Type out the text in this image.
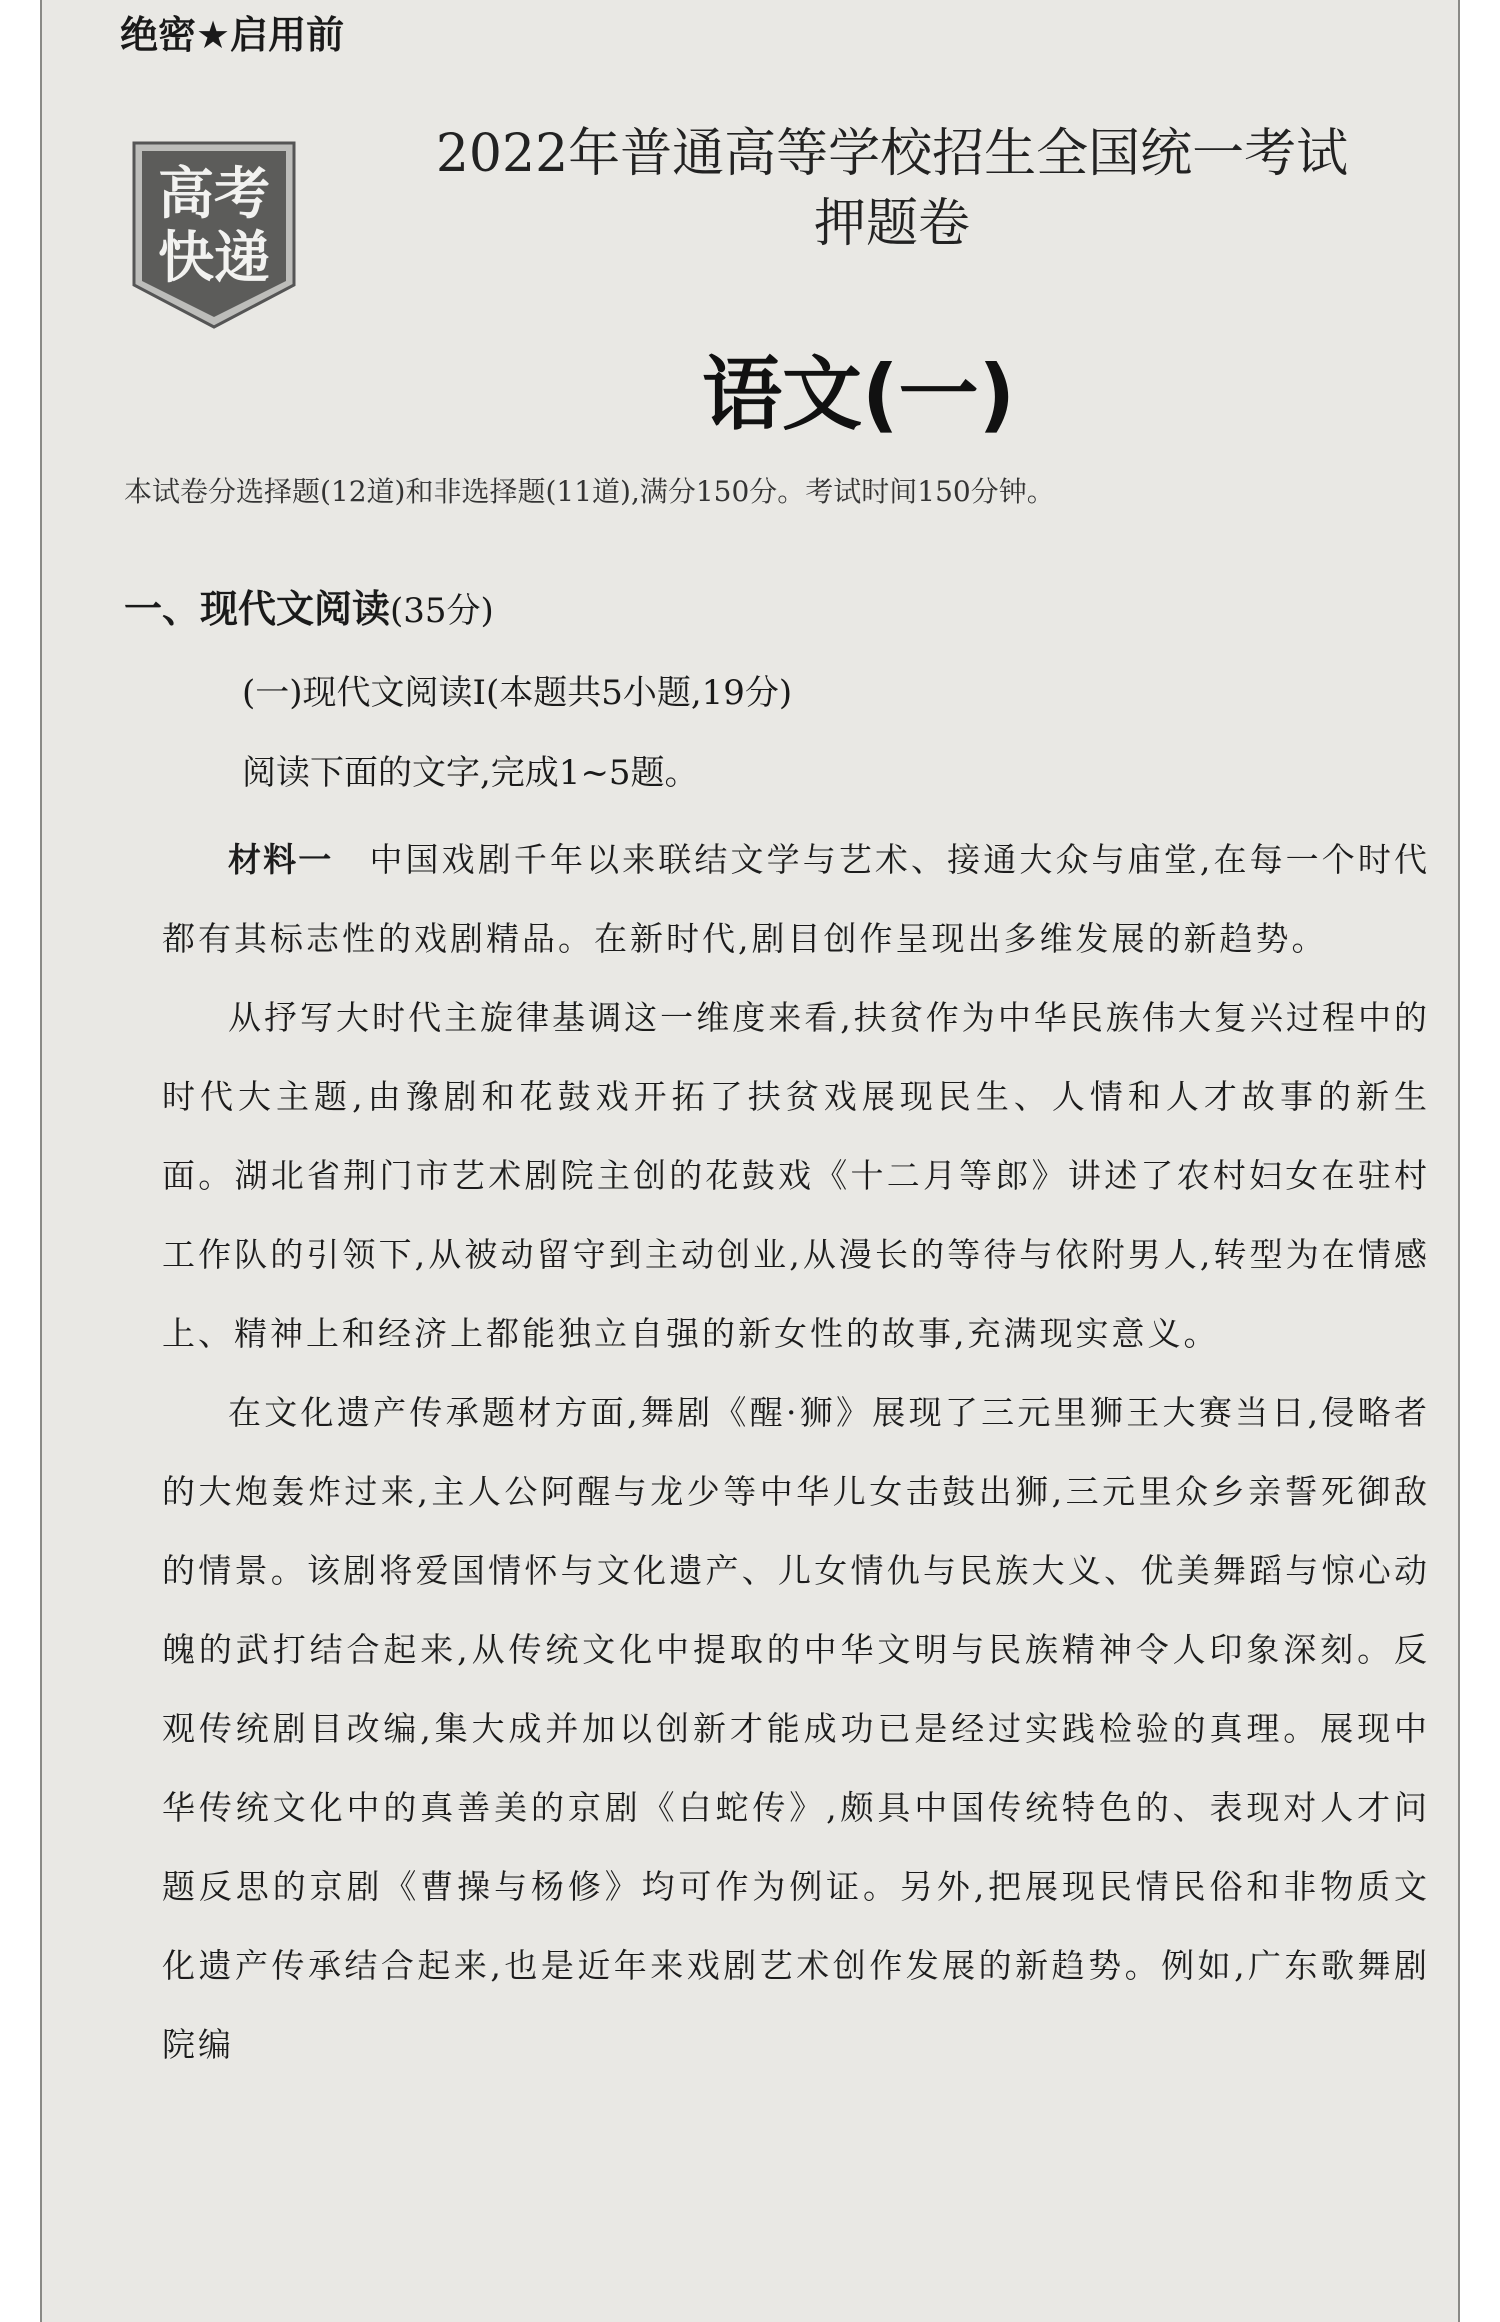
绝密★启用前
高考
快递
2022年普通高等学校招生全国统一考试
押题卷
语文(一)
本试卷分选择题(12道)和非选择题(11道),满分150分。考试时间150分钟。
一、现代文阅读(35分)
(一)现代文阅读Ⅰ(本题共5小题,19分)
阅读下面的文字,完成1~5题。

材料一　 中国戏剧千年以来联结文学与艺术、接通大众与庙堂,在每一个时代都有其标志性的戏剧精品。在新时代,剧目创作呈现出多维发展的新趋势。

从抒写大时代主旋律基调这一维度来看,扶贫作为中华民族伟大复兴过程中的时代大主题,由豫剧和花鼓戏开拓了扶贫戏展现民生、人情和人才故事的新生面。湖北省荆门市艺术剧院主创的花鼓戏《十二月等郎》讲述了农村妇女在驻村工作队的引领下,从被动留守到主动创业,从漫长的等待与依附男人,转型为在情感上、精神上和经济上都能独立自强的新女性的故事,充满现实意义。

在文化遗产传承题材方面,舞剧《醒·狮》展现了三元里狮王大赛当日,侵略者的大炮轰炸过来,主人公阿醒与龙少等中华儿女击鼓出狮,三元里众乡亲誓死御敌的情景。该剧将爱国情怀与文化遗产、儿女情仇与民族大义、优美舞蹈与惊心动魄的武打结合起来,从传统文化中提取的中华文明与民族精神令人印象深刻。反观传统剧目改编,集大成并加以创新才能成功已是经过实践检验的真理。展现中华传统文化中的真善美的京剧《白蛇传》,颇具中国传统特色的、表现对人才问题反思的京剧《曹操与杨修》均可作为例证。另外,把展现民情民俗和非物质文化遗产传承结合起来,也是近年来戏剧艺术创作发展的新趋势。例如,广东歌舞剧院编
